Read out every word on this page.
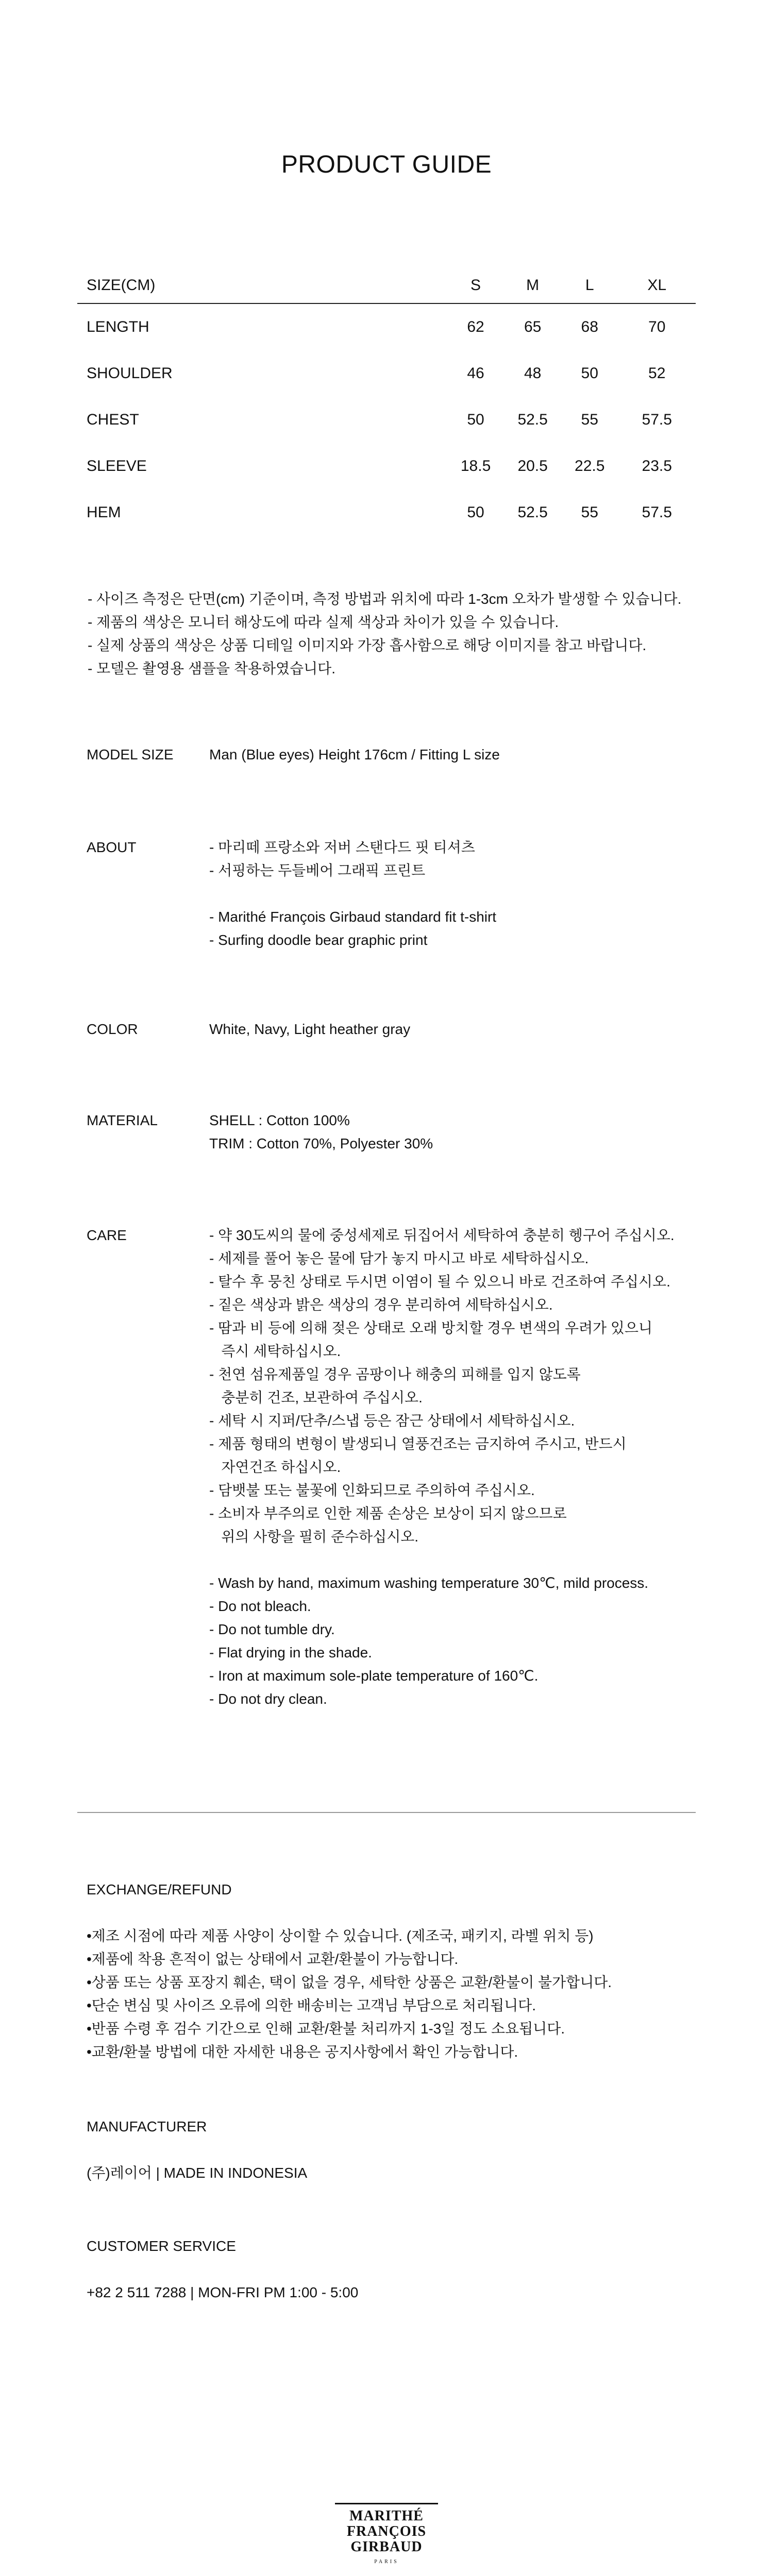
PRODUCT GUIDE
SIZE(CM)	S	M	L	XL
LENGTH	62	65	68	70
SHOULDER	46	48	50	52
CHEST	50	52.5	55	57.5
SLEEVE	18.5	20.5	22.5	23.5
HEM	50	52.5	55	57.5
- 사이즈 측정은 단면(cm) 기준이며, 측정 방법과 위치에 따라 1-3cm 오차가 발생할 수 있습니다.
- 제품의 색상은 모니터 해상도에 따라 실제 색상과 차이가 있을 수 있습니다.
- 실제 상품의 색상은 상품 디테일 이미지와 가장 흡사함으로 해당 이미지를 참고 바랍니다.
- 모델은 촬영용 샘플을 착용하였습니다.
MODEL SIZE	Man (Blue eyes) Height 176cm / Fitting L size
ABOUT	- 마리떼 프랑소와 저버 스탠다드 핏 티셔츠
- 서핑하는 두들베어 그래픽 프린트
- Marithé François Girbaud standard fit t-shirt
- Surfing doodle bear graphic print
COLOR	White, Navy, Light heather gray
MATERIAL	SHELL : Cotton 100%
TRIM : Cotton 70%, Polyester 30%
CARE	- 약 30도씨의 물에 중성세제로 뒤집어서 세탁하여 충분히 헹구어 주십시오.
- 세제를 풀어 놓은 물에 담가 놓지 마시고 바로 세탁하십시오.
- 탈수 후 뭉친 상태로 두시면 이염이 될 수 있으니 바로 건조하여 주십시오.
- 짙은 색상과 밝은 색상의 경우 분리하여 세탁하십시오.
- 땀과 비 등에 의해 젖은 상태로 오래 방치할 경우 변색의 우려가 있으니
즉시 세탁하십시오.
- 천연 섬유제품일 경우 곰팡이나 해충의 피해를 입지 않도록
충분히 건조, 보관하여 주십시오.
- 세탁 시 지퍼/단추/스냅 등은 잠근 상태에서 세탁하십시오.
- 제품 형태의 변형이 발생되니 열풍건조는 금지하여 주시고, 반드시
자연건조 하십시오.
- 담뱃불 또는 불꽃에 인화되므로 주의하여 주십시오.
- 소비자 부주의로 인한 제품 손상은 보상이 되지 않으므로
위의 사항을 필히 준수하십시오.
- Wash by hand, maximum washing temperature 30℃, mild process.
- Do not bleach.
- Do not tumble dry.
- Flat drying in the shade.
- Iron at maximum sole-plate temperature of 160℃.
- Do not dry clean.
EXCHANGE/REFUND
•제조 시점에 따라 제품 사양이 상이할 수 있습니다. (제조국, 패키지, 라벨 위치 등)
•제품에 착용 흔적이 없는 상태에서 교환/환불이 가능합니다.
•상품 또는 상품 포장지 훼손, 택이 없을 경우, 세탁한 상품은 교환/환불이 불가합니다.
•단순 변심 및 사이즈 오류에 의한 배송비는 고객님 부담으로 처리됩니다.
•반품 수령 후 검수 기간으로 인해 교환/환불 처리까지 1-3일 정도 소요됩니다.
•교환/환불 방법에 대한 자세한 내용은 공지사항에서 확인 가능합니다.
MANUFACTURER
(주)레이어 | MADE IN INDONESIA
CUSTOMER SERVICE
+82 2 511 7288 | MON-FRI PM 1:00 - 5:00
MARITHÉ
FRANÇOIS
GIRBAUD
PARIS
